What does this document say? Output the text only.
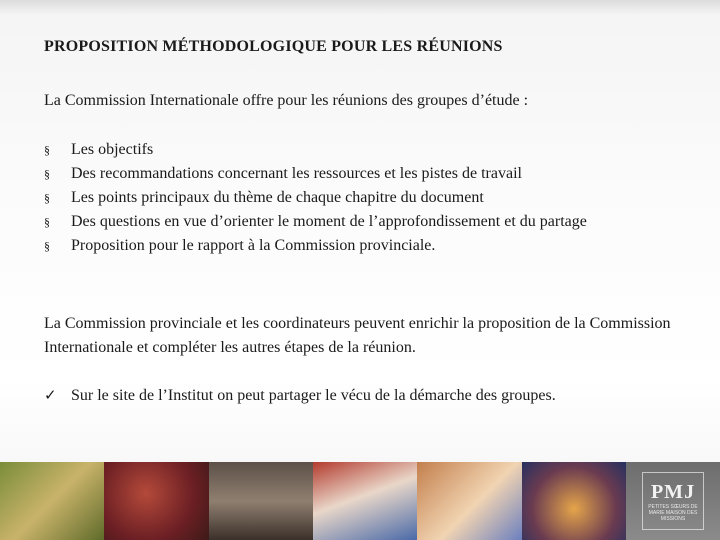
PROPOSITION MÉTHODOLOGIQUE POUR LES RÉUNIONS

La Commission Internationale offre pour les réunions des groupes d’étude :

§ Les objectifs
§ Des recommandations concernant les ressources et les pistes de travail
§ Les points principaux du thème de chaque chapitre du document
§ Des questions en vue d’orienter le moment de l’approfondissement et du partage
§ Proposition pour le rapport à la Commission provinciale.

La Commission provinciale et les coordinateurs peuvent enrichir la proposition de la Commission Internationale et compléter les autres étapes de la réunion.

✓ Sur le site de l’Institut on peut partager le vécu de la démarche des groupes.

PMJ
PETITES SŒURS DE MARIE MAISON DES MISSIONS
